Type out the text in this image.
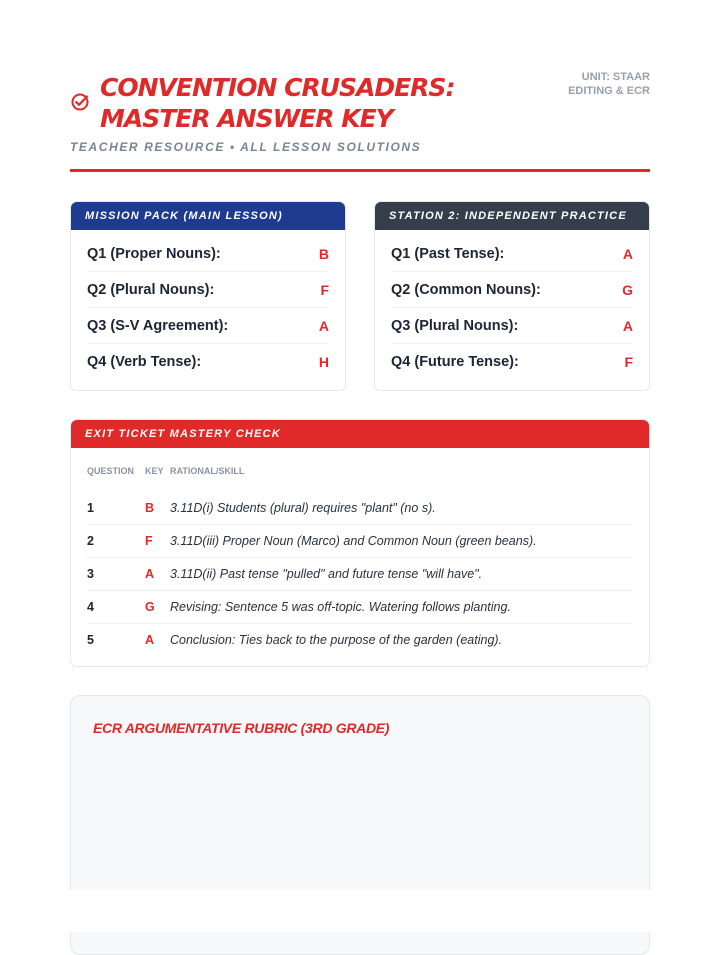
CONVENTION CRUSADERS:
MASTER ANSWER KEY
UNIT: STAAR
EDITING & ECR

TEACHER RESOURCE • ALL LESSON SOLUTIONS

MISSION PACK (MAIN LESSON)
Q1 (Proper Nouns):	B
Q2 (Plural Nouns):	F
Q3 (S-V Agreement):	A
Q4 (Verb Tense):	H
STATION 2: INDEPENDENT PRACTICE
Q1 (Past Tense):	A
Q2 (Common Nouns):	G
Q3 (Plural Nouns):	A
Q4 (Future Tense):	F
EXIT TICKET MASTERY CHECK
QUESTION	KEY RATIONAL/SKILL
1	B	3.11D(i) Students (plural) requires "plant" (no s).
2	F	3.11D(iii) Proper Noun (Marco) and Common Noun (green beans).
3	A	3.11D(ii) Past tense "pulled" and future tense "will have".
4	G	Revising: Sentence 5 was off-topic. Watering follows planting.
5	A	Conclusion: Ties back to the purpose of the garden (eating).
ECR ARGUMENTATIVE RUBRIC (3RD GRADE)
